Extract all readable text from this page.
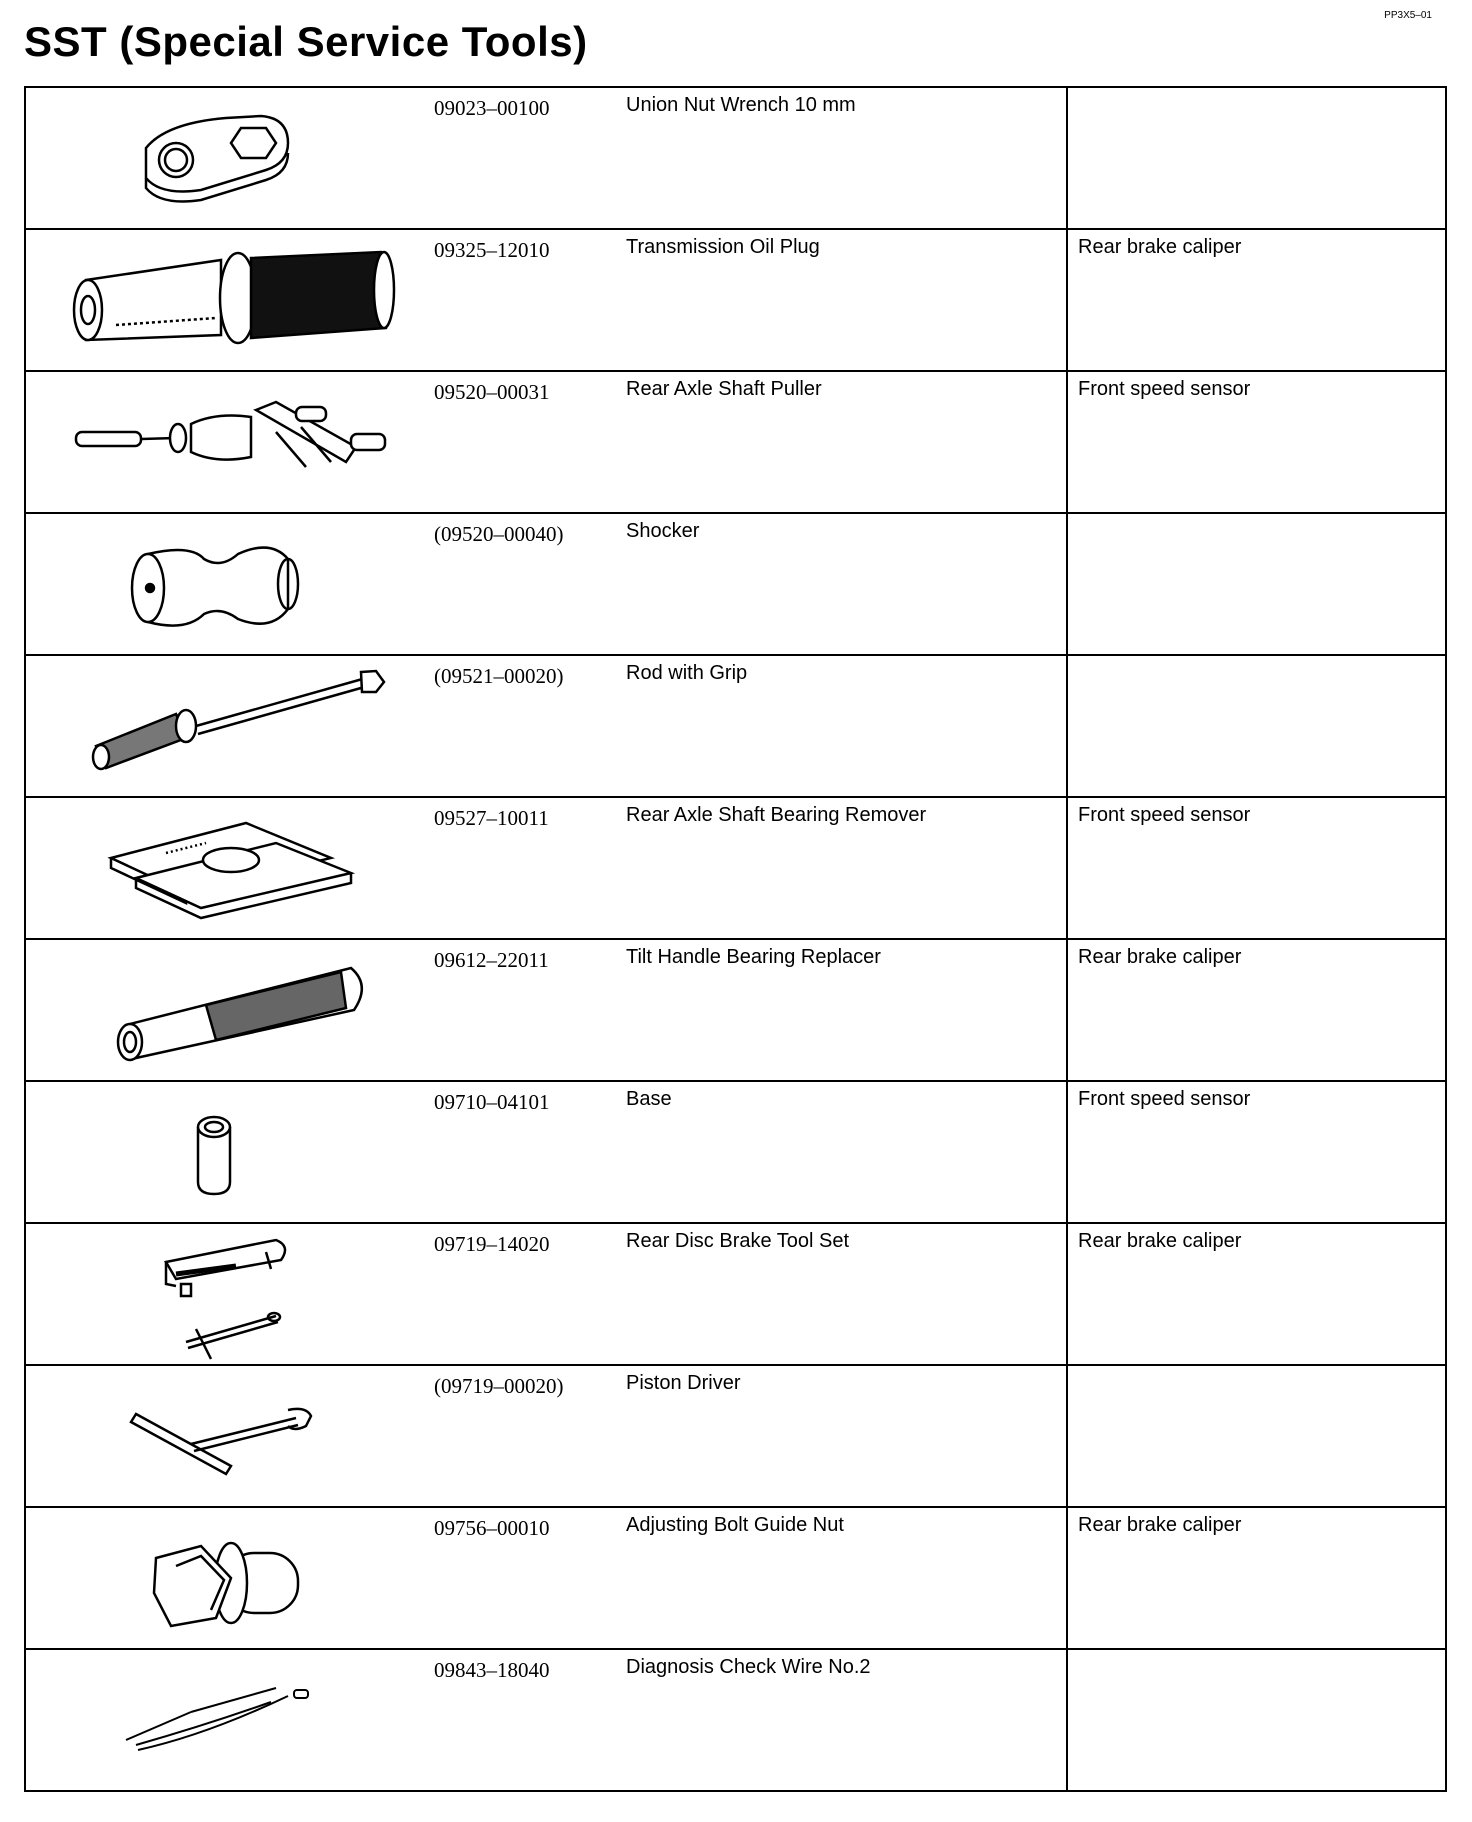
PP3X5–01
SST (Special Service Tools)
09023–00100	Union Nut Wrench 10 mm
09325–12010	Transmission Oil Plug	Rear brake caliper
09520–00031	Rear Axle Shaft Puller	Front speed sensor
(09520–00040)	Shocker
(09521–00020)	Rod with Grip
09527–10011	Rear Axle Shaft Bearing Remover	Front speed sensor
09612–22011	Tilt Handle Bearing Replacer	Rear brake caliper
09710–04101	Base	Front speed sensor
09719–14020	Rear Disc Brake Tool Set	Rear brake caliper
(09719–00020)	Piston Driver
09756–00010	Adjusting Bolt Guide Nut	Rear brake caliper
09843–18040	Diagnosis Check Wire No.2
